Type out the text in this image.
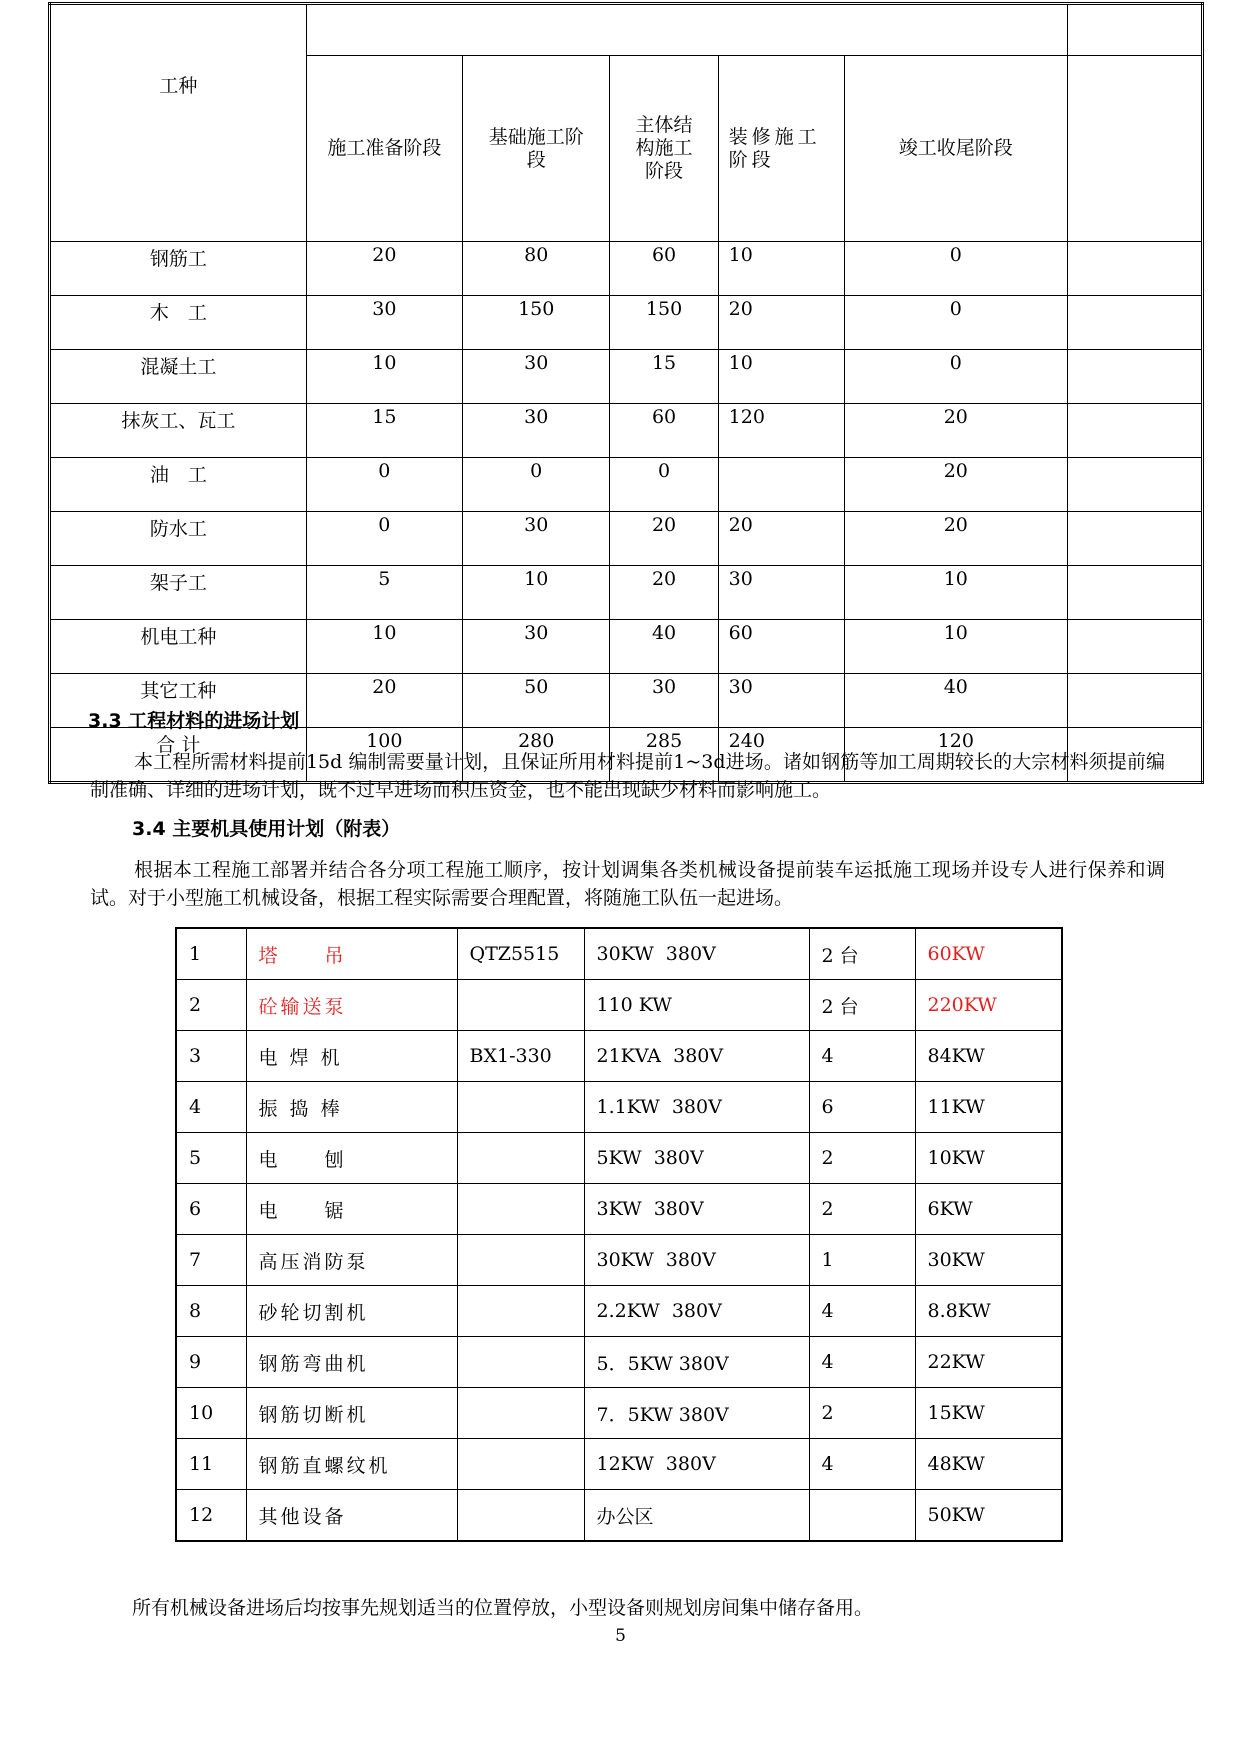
工种						
	施工准备阶段	基础施工阶
段	主体结
构施工
阶段	装修施工
阶段	竣工收尾阶段	
钢筋工	20	80	60	10	0	
木　工	30	150	150	20	0	
混凝土工	10	30	15	10	0	
抹灰工、瓦工	15	30	60	120	20	
油　工	0	0	0		20	
防水工	0	30	20	20	20	
架子工	5	10	20	30	10	
机电工种	10	30	40	60	10	
其它工种	20	50	30	30	40	
合 计	100	280	285	240	120	

3.3 工程材料的进场计划

本工程所需材料提前15d 编制需要量计划，且保证所用材料提前1~3d进场。诸如钢筋等加工周期较长的大宗材料须提前编制准确、详细的进场计划，既不过早进场而积压资金，也不能出现缺少材料而影响施工。

3.4 主要机具使用计划（附表）

根据本工程施工部署并结合各分项工程施工顺序，按计划调集各类机械设备提前装车运抵施工现场并设专人进行保养和调试。对于小型施工机械设备，根据工程实际需要合理配置，将随施工队伍一起进场。

1	塔　　吊	QTZ5515	30KW  380V	2 台	60KW
2	砼输送泵		110 KW	2 台	220KW
3	电 焊 机	BX1-330	21KVA  380V	4	84KW
4	振 捣 棒		1.1KW  380V	6	11KW
5	电　　刨		5KW  380V	2	10KW
6	电　　锯		3KW  380V	2	6KW
7	高压消防泵		30KW  380V	1	30KW
8	砂轮切割机		2.2KW  380V	4	8.8KW
9	钢筋弯曲机		5．5KW 380V	4	22KW
10	钢筋切断机		7．5KW 380V	2	15KW
11	钢筋直螺纹机		12KW  380V	4	48KW
12	其他设备		办公区		50KW

所有机械设备进场后均按事先规划适当的位置停放，小型设备则规划房间集中储存备用。

5
